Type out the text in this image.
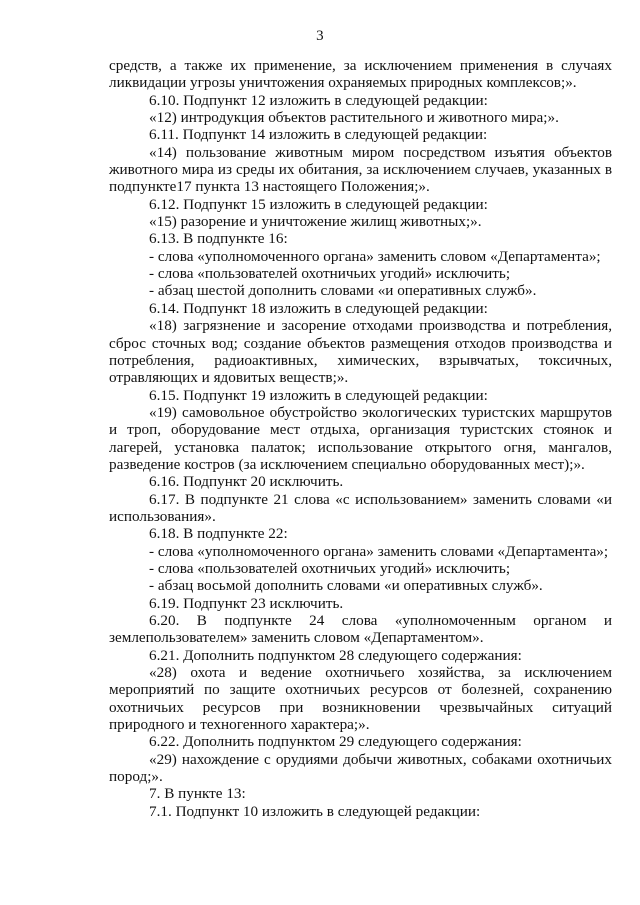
3

средств, а также их применение, за исключением применения в случаях ликвидации угрозы уничтожения охраняемых природных комплексов;».

6.10. Подпункт 12 изложить в следующей редакции:

«12) интродукция объектов растительного и животного мира;».

6.11. Подпункт 14 изложить в следующей редакции:

«14) пользование животным миром посредством изъятия объектов животного мира из среды их обитания, за исключением случаев, указанных в подпункте17 пункта 13 настоящего Положения;».

6.12. Подпункт 15 изложить в следующей редакции:

«15) разорение и уничтожение жилищ животных;».

6.13. В подпункте 16:

- слова «уполномоченного органа» заменить словом «Департамента»;

- слова «пользователей охотничьих угодий» исключить;

- абзац шестой дополнить словами «и оперативных служб».

6.14. Подпункт 18 изложить в следующей редакции:

«18) загрязнение и засорение отходами производства и потребления, сброс сточных вод; создание объектов размещения отходов производства и потребления, радиоактивных, химических, взрывчатых, токсичных, отравляющих и ядовитых веществ;».

6.15. Подпункт 19 изложить в следующей редакции:

«19) самовольное обустройство экологических туристских маршрутов и троп, оборудование мест отдыха, организация туристских стоянок и лагерей, установка палаток; использование открытого огня, мангалов, разведение костров (за исключением специально оборудованных мест);».

6.16. Подпункт 20 исключить.

6.17. В подпункте 21 слова «с использованием» заменить словами «и использования».

6.18. В подпункте 22:

- слова «уполномоченного органа» заменить словами «Департамента»;

- слова «пользователей охотничьих угодий» исключить;

- абзац восьмой дополнить словами «и оперативных служб».

6.19. Подпункт 23 исключить.

6.20. В подпункте 24 слова «уполномоченным органом и землепользователем» заменить словом «Департаментом».

6.21. Дополнить подпунктом 28 следующего содержания:

«28) охота и ведение охотничьего хозяйства, за исключением мероприятий по защите охотничьих ресурсов от болезней, сохранению охотничьих ресурсов при возникновении чрезвычайных ситуаций природного и техногенного характера;».

6.22. Дополнить подпунктом 29 следующего содержания:

«29) нахождение с орудиями добычи животных, собаками охотничьих пород;».

7. В пункте 13:

7.1. Подпункт 10 изложить в следующей редакции:
